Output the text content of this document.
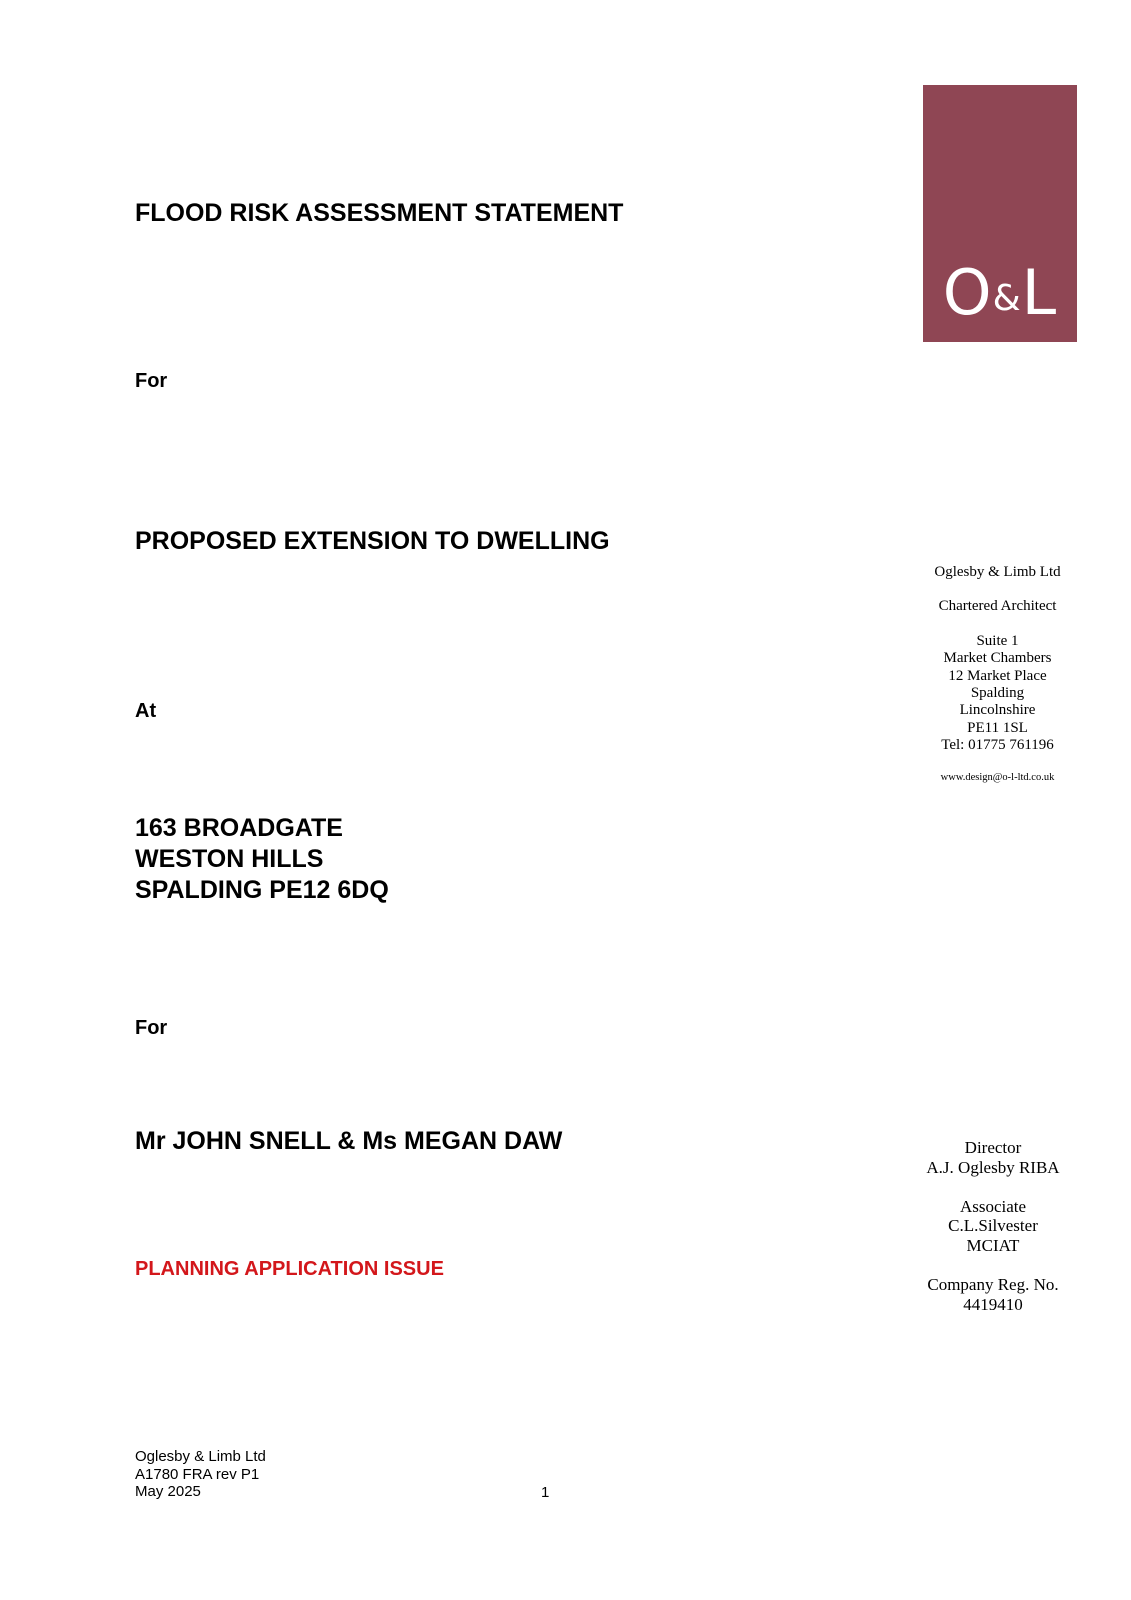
FLOOD RISK ASSESSMENT STATEMENT
For
PROPOSED EXTENSION TO DWELLING
At
163 BROADGATE
WESTON HILLS
SPALDING PE12 6DQ
For
Mr JOHN SNELL & Ms MEGAN DAW
PLANNING APPLICATION ISSUE
O&L
Oglesby & Limb Ltd
Chartered Architect
Suite 1
Market Chambers
12 Market Place
Spalding
Lincolnshire
PE11 1SL
Tel: 01775 761196
www.design@o-l-ltd.co.uk
Director
A.J. Oglesby RIBA
Associate
C.L.Silvester
MCIAT
Company Reg. No.
4419410
Oglesby & Limb Ltd
A1780 FRA rev P1
May 2025	1
